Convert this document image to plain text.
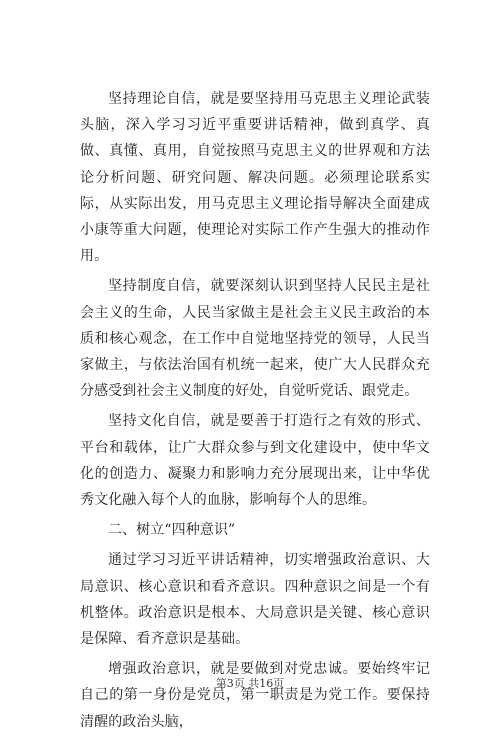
坚持理论自信，就是要坚持用马克思主义理论武装头脑，深入学习习近平重要讲话精神，做到真学、真做、真懂、真用，自觉按照马克思主义的世界观和方法论分析问题、研究问题、解决问题。必须理论联系实际，从实际出发，用马克思主义理论指导解决全面建成小康等重大问题，使理论对实际工作产生强大的推动作用。

坚持制度自信，就要深刻认识到坚持人民民主是社会主义的生命，人民当家做主是社会主义民主政治的本质和核心观念，在工作中自觉地坚持党的领导，人民当家做主，与依法治国有机统一起来，使广大人民群众充分感受到社会主义制度的好处，自觉听党话、跟党走。

坚持文化自信，就是要善于打造行之有效的形式、平台和载体，让广大群众参与到文化建设中，使中华文化的创造力、凝聚力和影响力充分展现出来，让中华优秀文化融入每个人的血脉，影响每个人的思维。

二、树立“四种意识”

通过学习习近平讲话精神，切实增强政治意识、大局意识、核心意识和看齐意识。四种意识之间是一个有机整体。政治意识是根本、大局意识是关键、核心意识是保障、看齐意识是基础。

增强政治意识，就是要做到对党忠诚。要始终牢记自己的第一身份是党员，第一职责是为党工作。要保持清醒的政治头脑，

第3页 共16页
